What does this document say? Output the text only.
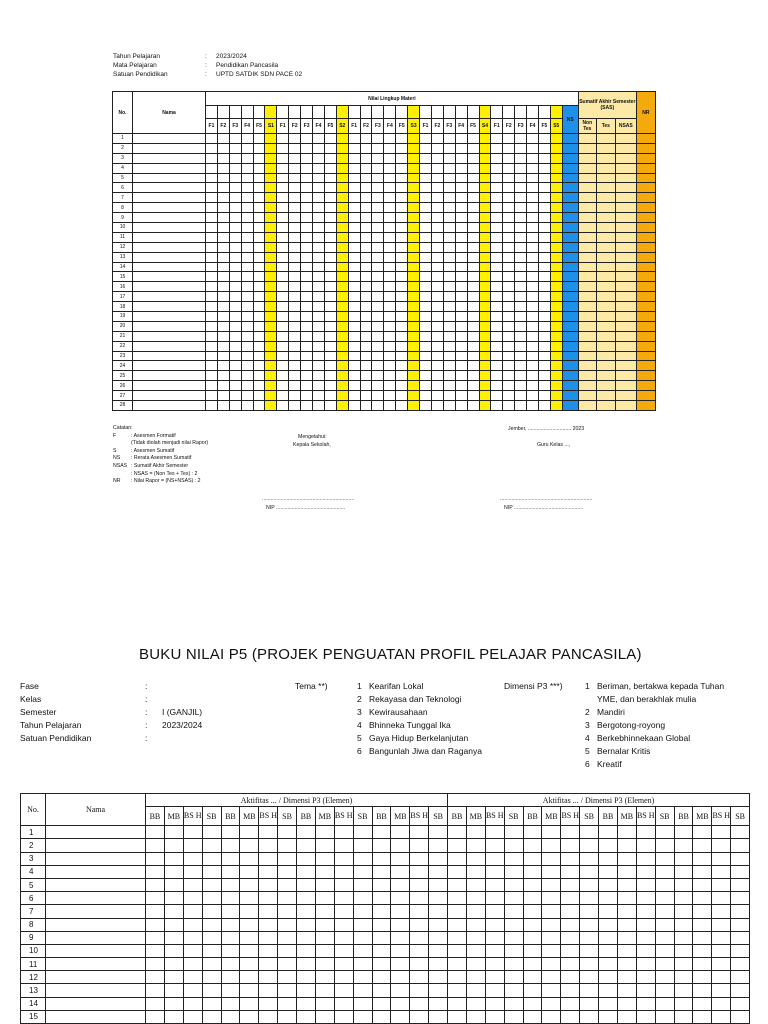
Tahun Pelajaran	: 2023/2024
Mata Pelajaran	: Pendidikan Pancasila
Satuan Pendidikan	: UPTD SATDIK SDN PACE 02
No.	Nama	Nilai Lingkup Materi																															Sumatif Akhir Semester (SAS)			NR
																																NS				
		F1	F2	F3	F4	F5	S1	F1	F2	F3	F4	F5	S2	F1	F2	F3	F4	F5	S3	F1	F2	F3	F4	F5	S4	F1	F2	F3	F4	F5	S5		Non Tes	Tes	NSAS	
1																																				
2																																				
3																																				
4																																				
5																																				
6																																				
7																																				
8																																				
9																																				
10																																				
11																																				
12																																				
13																																				
14																																				
15																																				
16																																				
17																																				
18																																				
19																																				
20																																				
21																																				
22																																				
23																																				
24																																				
25																																				
26																																				
27																																				
28																																				
Catatan:
F	: Asesmen Formatif
(Tidak diolah menjadi nilai Rapor)
S	: Asesmen Sumatif
NS : Rerata Asesmen Sumatif
NSAS : Sumatif Akhir Semester
: NSAS = (Non Tes + Tes) : 2
NR : Nilai Rapor = (NS+NSAS) : 2
Mengetahui:
Kepala Sekolah,
................................................................
NIP ................................................
Jember, .............................. 2023
Guru Kelas ...,
................................................................
NIP ................................................
BUKU NILAI P5 (PROJEK PENGUATAN PROFIL PELAJAR PANCASILA)
Fase	:
Kelas	:
Semester	: I (GANJIL)
Tahun Pelajaran	: 2023/2024
Satuan Pendidikan	:
Tema **)	1 Kearifan Lokal
2 Rekayasa dan Teknologi
3 Kewirausahaan
4 Bhinneka Tunggal Ika
5 Gaya Hidup Berkelanjutan
6 Bangunlah Jiwa dan Raganya
Dimensi P3 ***)	1 Beriman, bertakwa kepada Tuhan
YME, dan berakhlak mulia
2 Mandiri
3 Bergotong-royong
4 Berkebhinnekaan Global
5 Bernalar Kritis
6 Kreatif
No.	Nama	Aktifitas ... / Dimensi P3 (Elemen)																Aktifitas ... / Dimensi P3 (Elemen)															
		BB	MB	BS H	SB	BB	MB	BS H	SB	BB	MB	BS H	SB	BB	MB	BS H	SB	BB	MB	BS H	SB	BB	MB	BS H	SB	BB	MB	BS H	SB	BB	MB	BS H	SB
1																																	
2																																	
3																																	
4																																	
5																																	
6																																	
7																																	
8																																	
9																																	
10																																	
11																																	
12																																	
13																																	
14																																	
15																																	
